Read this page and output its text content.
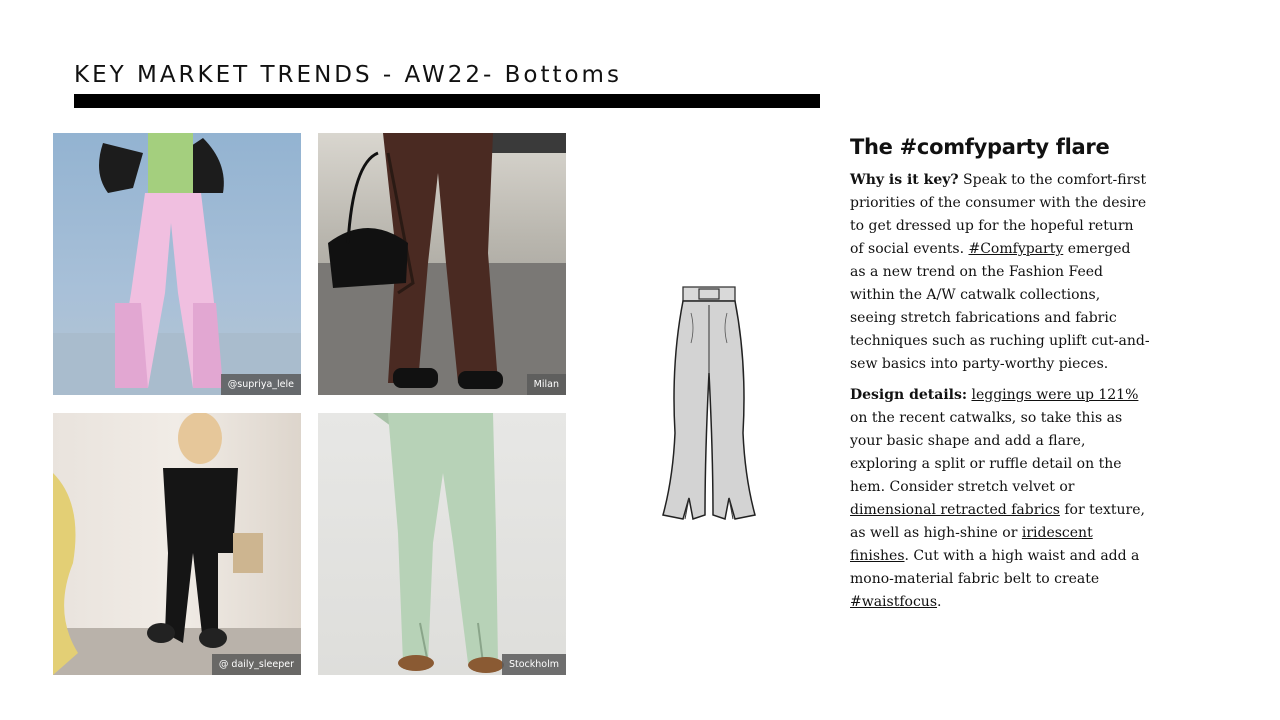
KEY MARKET TRENDS - AW22- Bottoms
@supriya_lele	Milan
@ daily_sleeper	Stockholm
The #comfyparty flare
Why is it key? Speak to the comfort-first priorities of the consumer with the desire to get dressed up for the hopeful return of social events. #Comfyparty emerged as a new trend on the Fashion Feed within the A/W catwalk collections, seeing stretch fabrications and fabric techniques such as ruching uplift cut-and-sew basics into party-worthy pieces.
Design details: leggings were up 121% on the recent catwalks, so take this as your basic shape and add a flare, exploring a split or ruffle detail on the hem. Consider stretch velvet or dimensional retracted fabrics for texture, as well as high-shine or iridescent finishes. Cut with a high waist and add a mono-material fabric belt to create #waistfocus.
